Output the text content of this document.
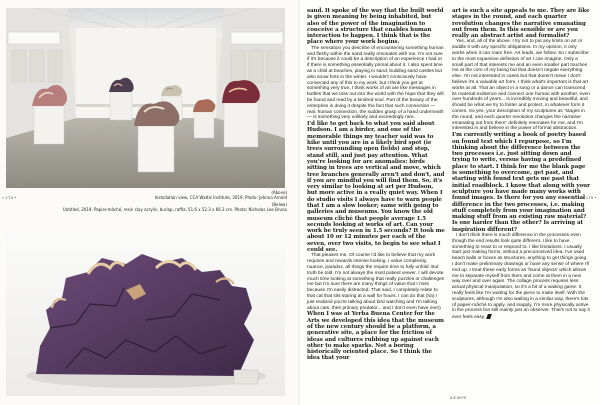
• 174 •

(Above)

Installation view, CCA Wattis Institute, 2019. Photo: Johnna Arnold

(Below)

Untitled, 2019. Papier-mâché, resin clay acrylic, burlap, raffia. 51.6 x 52.3 x 66.3 cm. Photo: Nicholas Lee Bruno

• 175 •

sand. It spoke of the way that the built world is given meaning by being inhabited, but also of the power of the imagination to conceive a structure that enables human interaction to happen. I think that is the place where your work begins.

The sensation you describe of encountering something human and fleshy within the sand really resonates with me. I'm not sure if it's because it could be a description of an experience I had or if there is something essentially primal about it. I also spent time as a child at beaches, playing in sand, building sand castles but also snow forts in the winter. I wouldn't consciously have connected any of this to my work, but I think you get at something very true. I think works of art are like messages in bottles that we toss out into the world with the hope that they will be found and read by a kindred soul. Part of the beauty of the enterprise is doing it despite the fact that such connection — real, human connection, the sudden grasp of a hand underneath — is something very unlikely and exceedingly rare.

I'd like to get back to what you said about Hudson. I am a birder, and one of the memorable things my teacher said was to hike until you are in a likely bird spot (ie trees surrounding open fields) and stop, stand still, and just pay attention. What you're looking for are anomalies: birds sitting in trees are vertical and move, which tree branches generally aren't and don't, and if you are mindful you will find them. So, it's very similar to looking at art per Hudson, but more active in a really quiet way. When I do studio visits I always have to warn people that I am a slow looker; same with going to galleries and museums. You know the old museum cliché that people average 1.5 seconds looking at works of art. Can your work be truly seen in 1.5 seconds? It took me about 10 or 12 minutes per each of the seven, over two visits, to begin to see what I could see.

That pleases me. Of course I'd like to believe that my work requires and rewards intense looking. I value complexity, nuance, paradox, all things the require time to fully unfold. But truth be told, I'm not always the most patient viewer. I will devote much time looking at something that really puzzles or challenges me but I'm sure there are many things of value that I miss because I'm easily distracted. That said, I completely relate to that cat that sits staring at a wall for hours. I can do that (ha) I just realized you're talking about bird watching and I'm talking about cats, their primary predator... and I don't even have one!)

When I was at Yerba Buena Center for the Arts we developed this idea that the museum of the new century should be a platform, a generative site, a place for the friction of ideas and cultures rubbing up against each other to make sparks. Not a boring historically oriented place. So I think the idea that your

art is such a site appeals to me. They are like stages in the round, and each quarter revolution changes the narrative emanating out from them. Is this sensible or are you really an abstract artist and formalist?

Yes, and, all of the above. I try not to put any limits on art or saddle it with any specific obligations. In my opinion, it only works when it can roam free. Art leads, we follow. So I subscribe to the most expansive definition of art I can imagine. Only a small part of that interests me and an even smaller part touches me at the core of my being but that doesn't negate everything else. I'm not interested in cases but that doesn't mean I don't believe it's a valuable art form. I think what's important is that art works at all. That an object in a song or a dance can transcend its material existence and connect one human with another, even over hundreds of years... is incredibly moving and beautiful, and should be what we try to foster and protect, in whatever form it comes. So yes, your description of my sculptures as "stages in the round, and each quarter revolution changes the narrative emanating out from them" definitely resonates for me, and I'm interested in and believe in the power of formal abstraction.

I'm currently writing a book of poetry based on found text which I repurpose, so I'm thinking about the difference between the two processes i.e. just sitting down and trying to write, versus having a predefined place to start. I think for me the blank page is something to overcome, get past, and starting with found text gets me past that initial roadblock. I know that along with your sculpture you have made many works with found images. Is there for you any essential difference in the two processes, i.e. making stuff completely from your imagination and making stuff from an existing raw material? Is one harder than the other? Is arriving at inspiration different?

I don't think there is much difference in the processes even though the end results look quite different. I like to have something to react to or respond to. I like limitations. I usually start just making forms, without a preconceived idea. I've used beach balls or boxes as structures, anything to get things going. I don't make preliminary drawings or have any sense of where I'll end up. I treat these early forms as 'found objects' which allows me to separate myself from them and come at them in a new way over and over again. The collage process requires less actual physical manipulation, so it's a bit of a waiting game. It really feels like I'm waiting for the piece to make itself. With the sculptures, although I'm also waiting in a similar way, there's lots of papier-mâché to apply, and inapply. I'm more physically active in the process but still mainly just an observer. That's not to say it ever feels easy.

ICE 0075
